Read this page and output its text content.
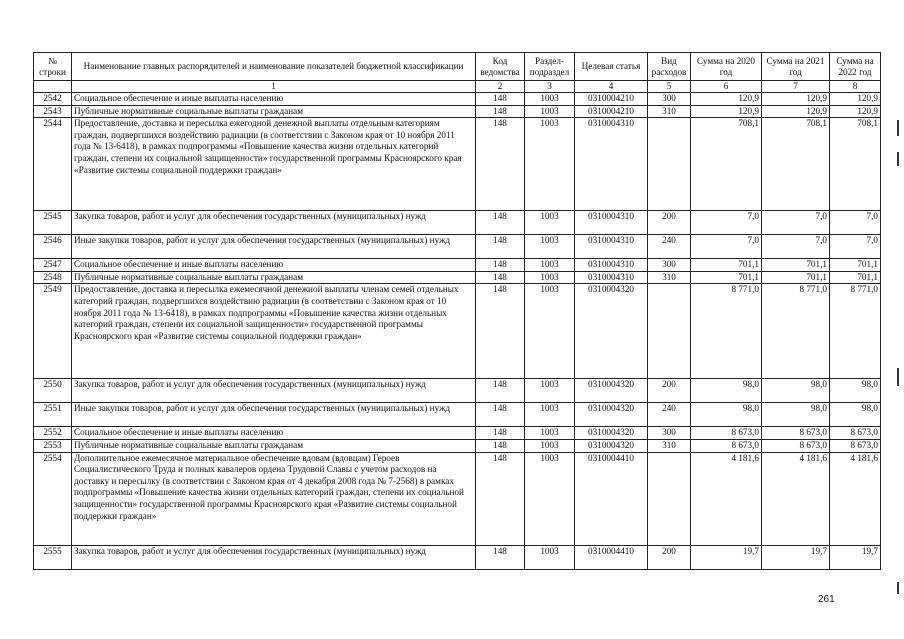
№ строки	Наименование главных распорядителей и наименование показателей бюджетной классификации	Код ведомства	Раздел-подраздел	Целевая статья	Вид расходов	Сумма на 2020 год	Сумма на 2021 год	Сумма на 2022 год
	1	2	3	4	5	6	7	8
2542	Социальное обеспечение и иные выплаты населению	148	1003	0310004210	300	120,9	120,9	120,9
2543	Публичные нормативные социальные выплаты гражданам	148	1003	0310004210	310	120,9	120,9	120,9
2544	Предоставление, доставка и пересылка ежегодной денежной выплаты отдельным категориям граждан, подвергшихся воздействию радиации (в соответствии с Законом края от 10 ноября 2011 года № 13-6418), в рамках подпрограммы «Повышение качества жизни отдельных категорий граждан, степени их социальной защищенности» государственной программы Красноярского края «Развитие системы социальной поддержки граждан»	148	1003	0310004310		708,1	708,1	708,1
2545	Закупка товаров, работ и услуг для обеспечения государственных (муниципальных) нужд	148	1003	0310004310	200	7,0	7,0	7,0
2546	Иные закупки товаров, работ и услуг для обеспечения государственных (муниципальных) нужд	148	1003	0310004310	240	7,0	7,0	7,0
2547	Социальное обеспечение и иные выплаты населению	148	1003	0310004310	300	701,1	701,1	701,1
2548	Публичные нормативные социальные выплаты гражданам	148	1003	0310004310	310	701,1	701,1	701,1
2549	Предоставление, доставка и пересылка ежемесячной денежной выплаты членам семей отдельных категорий граждан, подвергшихся воздействию радиации (в соответствии с Законом края от 10 ноября 2011 года № 13-6418), в рамках подпрограммы «Повышение качества жизни отдельных категорий граждан, степени их социальной защищенности» государственной программы Красноярского края «Развитие системы социальной поддержки граждан»	148	1003	0310004320		8 771,0	8 771,0	8 771,0
2550	Закупка товаров, работ и услуг для обеспечения государственных (муниципальных) нужд	148	1003	0310004320	200	98,0	98,0	98,0
2551	Иные закупки товаров, работ и услуг для обеспечения государственных (муниципальных) нужд	148	1003	0310004320	240	98,0	98,0	98,0
2552	Социальное обеспечение и иные выплаты населению	148	1003	0310004320	300	8 673,0	8 673,0	8 673,0
2553	Публичные нормативные социальные выплаты гражданам	148	1003	0310004320	310	8 673,0	8 673,0	8 673,0
2554	Дополнительное ежемесячное материальное обеспечение вдовам (вдовцам) Героев Социалистического Труда и полных кавалеров ордена Трудовой Славы с учетом расходов на доставку и пересылку (в соответствии с Законом края от 4 декабря 2008 года № 7-2568) в рамках подпрограммы «Повышение качества жизни отдельных категорий граждан, степени их социальной защищенности» государственной программы Красноярского края «Развитие системы социальной поддержки граждан»	148	1003	0310004410		4 181,6	4 181,6	4 181,6
2555	Закупка товаров, работ и услуг для обеспечения государственных (муниципальных) нужд	148	1003	0310004410	200	19,7	19,7	19,7
261
